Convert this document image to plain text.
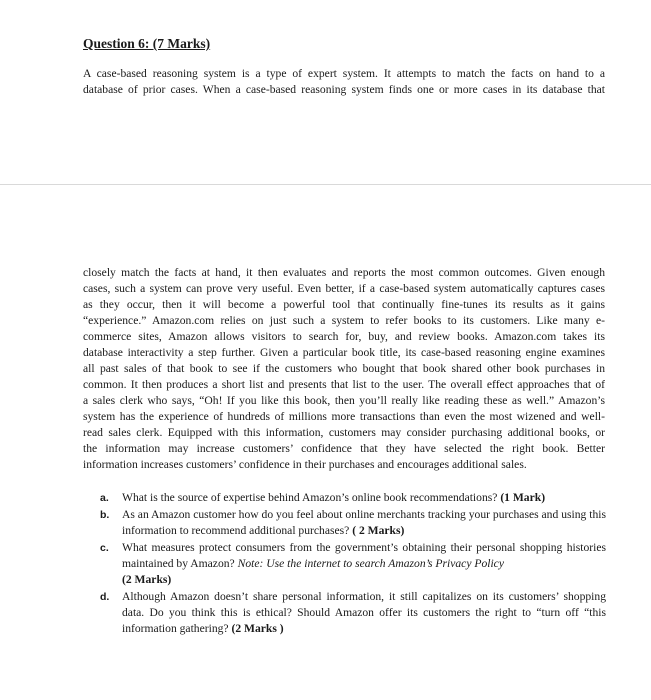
Question 6: (7 Marks)

A case-based reasoning system is a type of expert system. It attempts to match the facts on hand to a
database of prior cases. When a case-based reasoning system finds one or more cases in its database that

closely match the facts at hand, it then evaluates and reports the most common outcomes. Given enough
cases, such a system can prove very useful. Even better, if a case-based system automatically captures cases
as they occur, then it will become a powerful tool that continually fine-tunes its results as it gains
“experience.” Amazon.com relies on just such a system to refer books to its customers. Like many e-
commerce sites, Amazon allows visitors to search for, buy, and review books. Amazon.com takes its
database interactivity a step further. Given a particular book title, its case-based reasoning engine examines
all past sales of that book to see if the customers who bought that book shared other book purchases in
common. It then produces a short list and presents that list to the user. The overall effect approaches that of
a sales clerk who says, “Oh! If you like this book, then you’ll really like reading these as well.” Amazon’s
system has the experience of hundreds of millions more transactions than even the most wizened and well-
read sales clerk. Equipped with this information, customers may consider purchasing additional books, or
the information may increase customers’ confidence that they have selected the right book. Better
information increases customers’ confidence in their purchases and encourages additional sales.

a. What is the source of expertise behind Amazon’s online book recommendations? (1 Mark)
b. As an Amazon customer how do you feel about online merchants tracking your purchases and using this information to recommend additional purchases? ( 2 Marks)
c. What measures protect consumers from the government’s obtaining their personal shopping histories maintained by Amazon? Note: Use the internet to search Amazon’s Privacy Policy
(2 Marks)
d. Although Amazon doesn’t share personal information, it still capitalizes on its customers’ shopping data. Do you think this is ethical? Should Amazon offer its customers the right to “turn off “this information gathering? (2 Marks )
